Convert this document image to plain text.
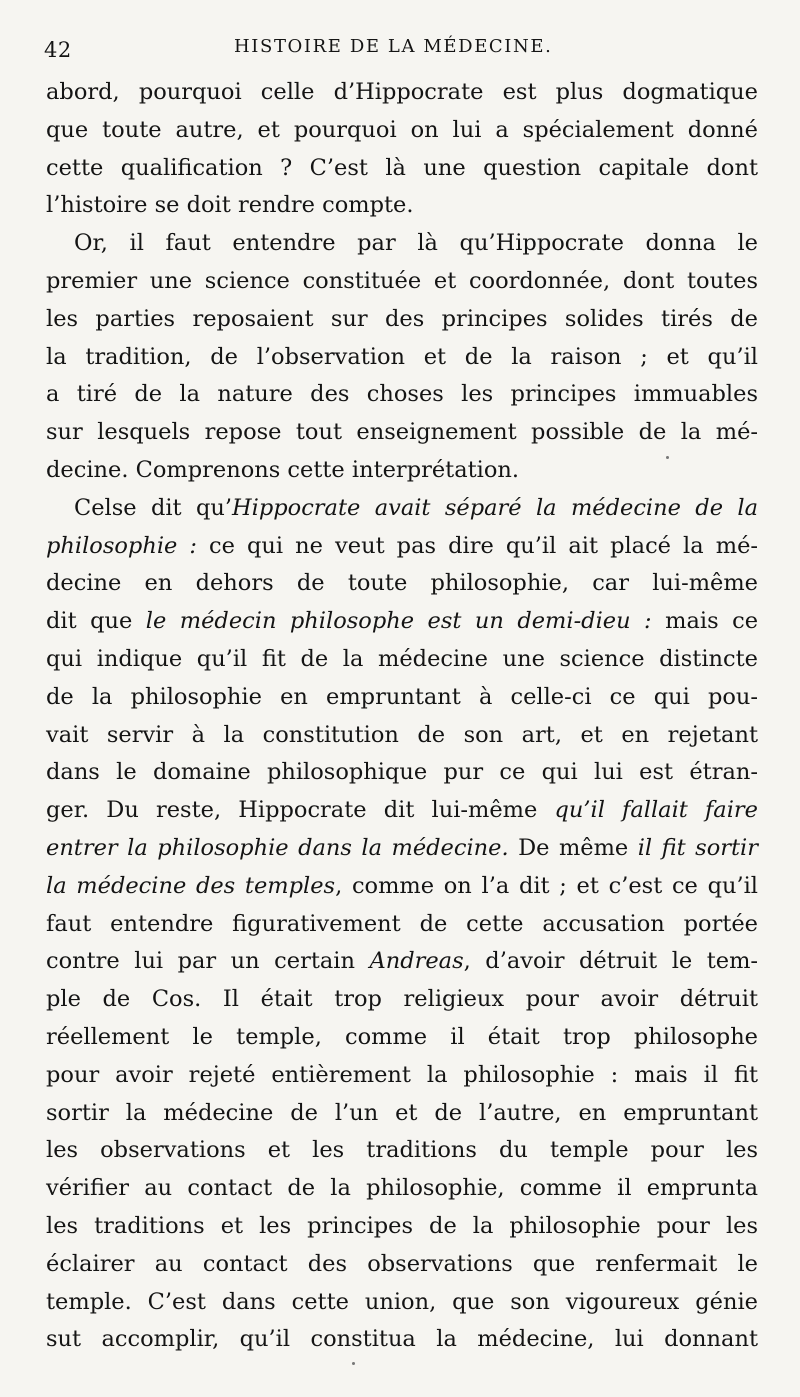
42	HISTOIRE DE LA MÉDECINE.
abord, pourquoi celle d’Hippocrate est plus dogmatique
que toute autre, et pourquoi on lui a spécialement donné
cette qualification ? C’est là une question capitale dont
l’histoire se doit rendre compte.
Or, il faut entendre par là qu’Hippocrate donna le
premier une science constituée et coordonnée, dont toutes
les parties reposaient sur des principes solides tirés de
la tradition, de l’observation et de la raison ; et qu’il
a tiré de la nature des choses les principes immuables
sur lesquels repose tout enseignement possible de la mé-
decine. Comprenons cette interprétation.
Celse dit qu’Hippocrate avait séparé la médecine de la
philosophie : ce qui ne veut pas dire qu’il ait placé la mé-
decine en dehors de toute philosophie, car lui-même
dit que le médecin philosophe est un demi-dieu : mais ce
qui indique qu’il fit de la médecine une science distincte
de la philosophie en empruntant à celle-ci ce qui pou-
vait servir à la constitution de son art, et en rejetant
dans le domaine philosophique pur ce qui lui est étran-
ger. Du reste, Hippocrate dit lui-même qu’il fallait faire
entrer la philosophie dans la médecine. De même il fit sortir
la médecine des temples, comme on l’a dit ; et c’est ce qu’il
faut entendre figurativement de cette accusation portée
contre lui par un certain Andreas, d’avoir détruit le tem-
ple de Cos. Il était trop religieux pour avoir détruit
réellement le temple, comme il était trop philosophe
pour avoir rejeté entièrement la philosophie : mais il fit
sortir la médecine de l’un et de l’autre, en empruntant
les observations et les traditions du temple pour les
vérifier au contact de la philosophie, comme il emprunta
les traditions et les principes de la philosophie pour les
éclairer au contact des observations que renfermait le
temple. C’est dans cette union, que son vigoureux génie
sut accomplir, qu’il constitua la médecine, lui donnant
